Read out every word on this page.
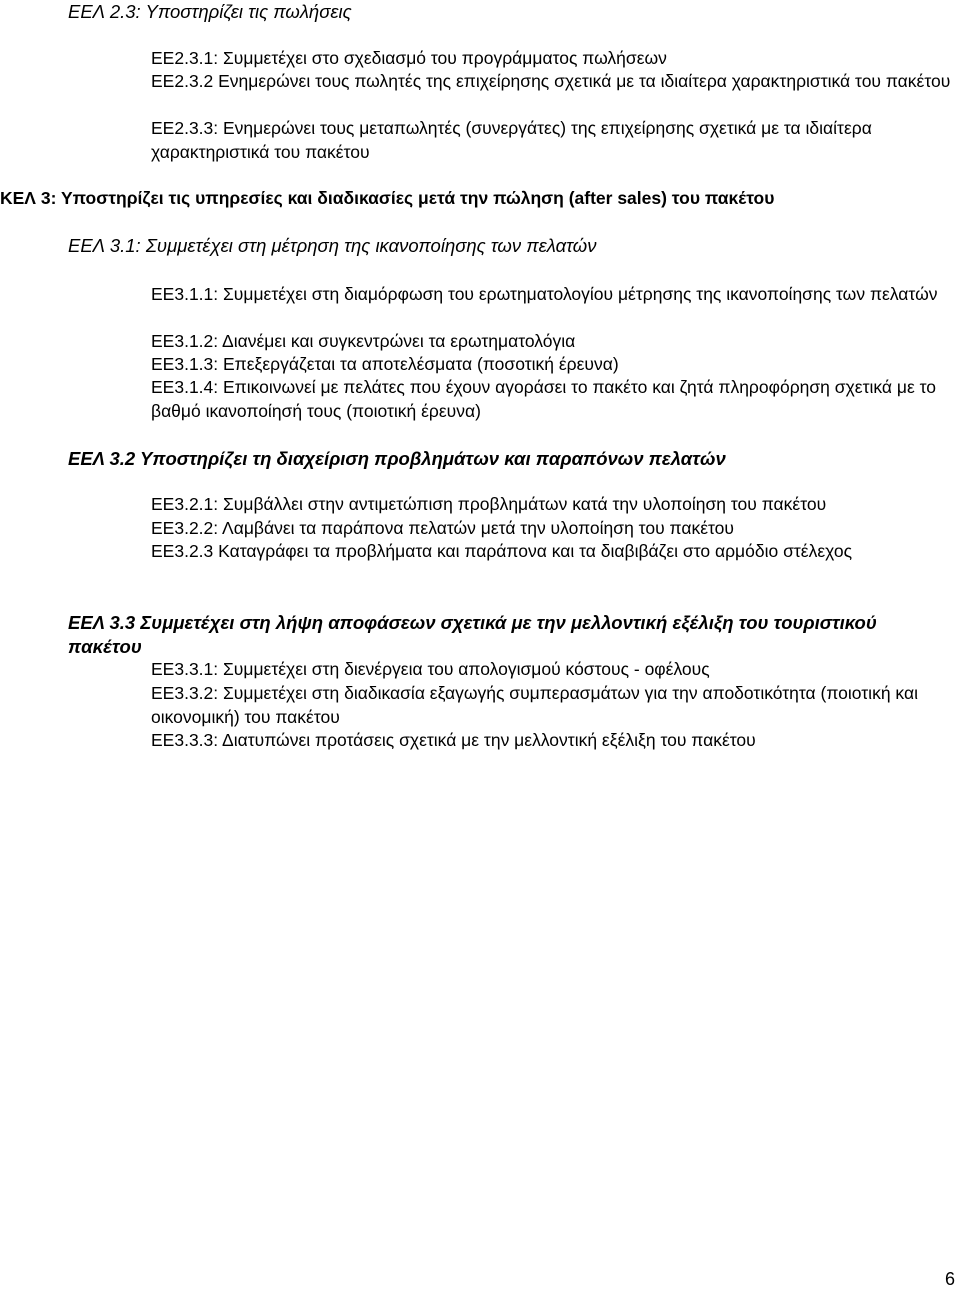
ΕΕΛ 2.3: Υποστηρίζει τις πωλήσεις
ΕΕ2.3.1: Συμμετέχει στο σχεδιασμό του προγράμματος πωλήσεων
ΕΕ2.3.2 Ενημερώνει τους πωλητές της επιχείρησης σχετικά με τα ιδιαίτερα χαρακτηριστικά του πακέτου
ΕΕ2.3.3: Ενημερώνει τους μεταπωλητές (συνεργάτες) της επιχείρησης σχετικά με τα ιδιαίτερα χαρακτηριστικά του πακέτου
ΚΕΛ 3: Υποστηρίζει τις υπηρεσίες και διαδικασίες μετά την πώληση (after sales) του πακέτου
ΕΕΛ 3.1: Συμμετέχει στη μέτρηση της ικανοποίησης των πελατών
ΕΕ3.1.1: Συμμετέχει στη διαμόρφωση του ερωτηματολογίου μέτρησης της ικανοποίησης των πελατών
ΕΕ3.1.2: Διανέμει και συγκεντρώνει τα ερωτηματολόγια
ΕΕ3.1.3: Επεξεργάζεται τα αποτελέσματα (ποσοτική έρευνα)
ΕΕ3.1.4: Επικοινωνεί με πελάτες που έχουν αγοράσει το πακέτο και ζητά πληροφόρηση σχετικά με το βαθμό ικανοποίησή τους (ποιοτική έρευνα)
ΕΕΛ 3.2 Υποστηρίζει τη διαχείριση προβλημάτων και παραπόνων πελατών
ΕΕ3.2.1: Συμβάλλει στην αντιμετώπιση προβλημάτων κατά την υλοποίηση του πακέτου
ΕΕ3.2.2: Λαμβάνει τα παράπονα πελατών μετά την υλοποίηση του πακέτου
ΕΕ3.2.3 Καταγράφει τα προβλήματα και παράπονα και τα διαβιβάζει στο αρμόδιο στέλεχος
ΕΕΛ 3.3 Συμμετέχει στη λήψη αποφάσεων σχετικά με την μελλοντική εξέλιξη του τουριστικού πακέτου
ΕΕ3.3.1: Συμμετέχει στη διενέργεια του απολογισμού κόστους - οφέλους
ΕΕ3.3.2: Συμμετέχει στη διαδικασία εξαγωγής συμπερασμάτων για την αποδοτικότητα (ποιοτική και οικονομική) του πακέτου
ΕΕ3.3.3: Διατυπώνει προτάσεις σχετικά με την μελλοντική εξέλιξη του πακέτου
6
